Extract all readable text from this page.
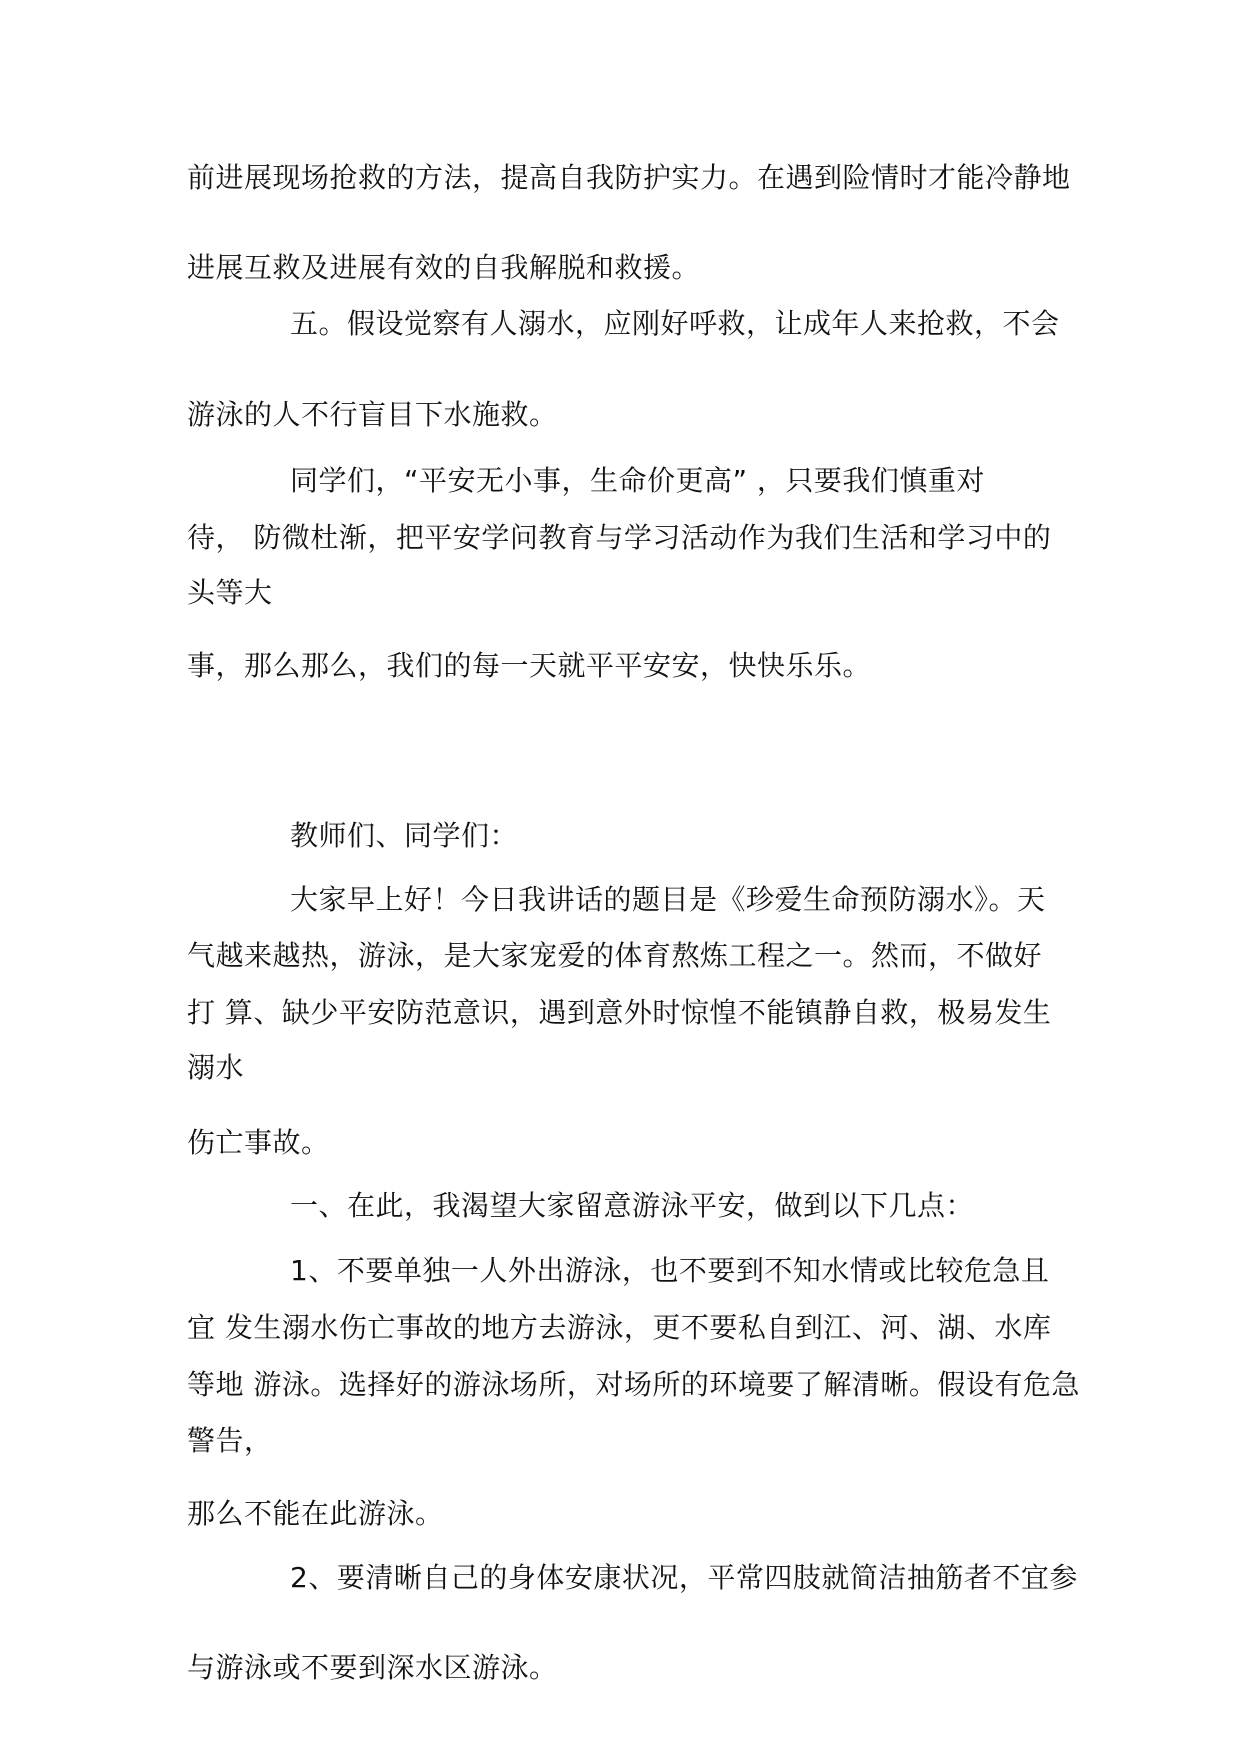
前进展现场抢救的方法，提高自我防护实力。在遇到险情时才能冷静地
进展互救及进展有效的自我解脱和救援。
五。假设觉察有人溺水，应刚好呼救，让成年人来抢救，不会
游泳的人不行盲目下水施救。
同学们，“平安无小事，生命价更高” ，只要我们慎重对
待， 防微杜渐，把平安学问教育与学习活动作为我们生活和学习中的
头等大
事，那么那么，我们的每一天就平平安安，快快乐乐。
教师们、同学们：
大家早上好！今日我讲话的题目是《珍爱生命预防溺水》。天
气越来越热，游泳，是大家宠爱的体育熬炼工程之一。然而，不做好
打 算、缺少平安防范意识，遇到意外时惊惶不能镇静自救，极易发生
溺水
伤亡事故。
一、在此，我渴望大家留意游泳平安，做到以下几点：
1、不要单独一人外出游泳，也不要到不知水情或比较危急且
宜 发生溺水伤亡事故的地方去游泳，更不要私自到江、河、湖、水库
等地 游泳。选择好的游泳场所，对场所的环境要了解清晰。假设有危急
警告，
那么不能在此游泳。
2、要清晰自己的身体安康状况，平常四肢就简洁抽筋者不宜参
与游泳或不要到深水区游泳。
